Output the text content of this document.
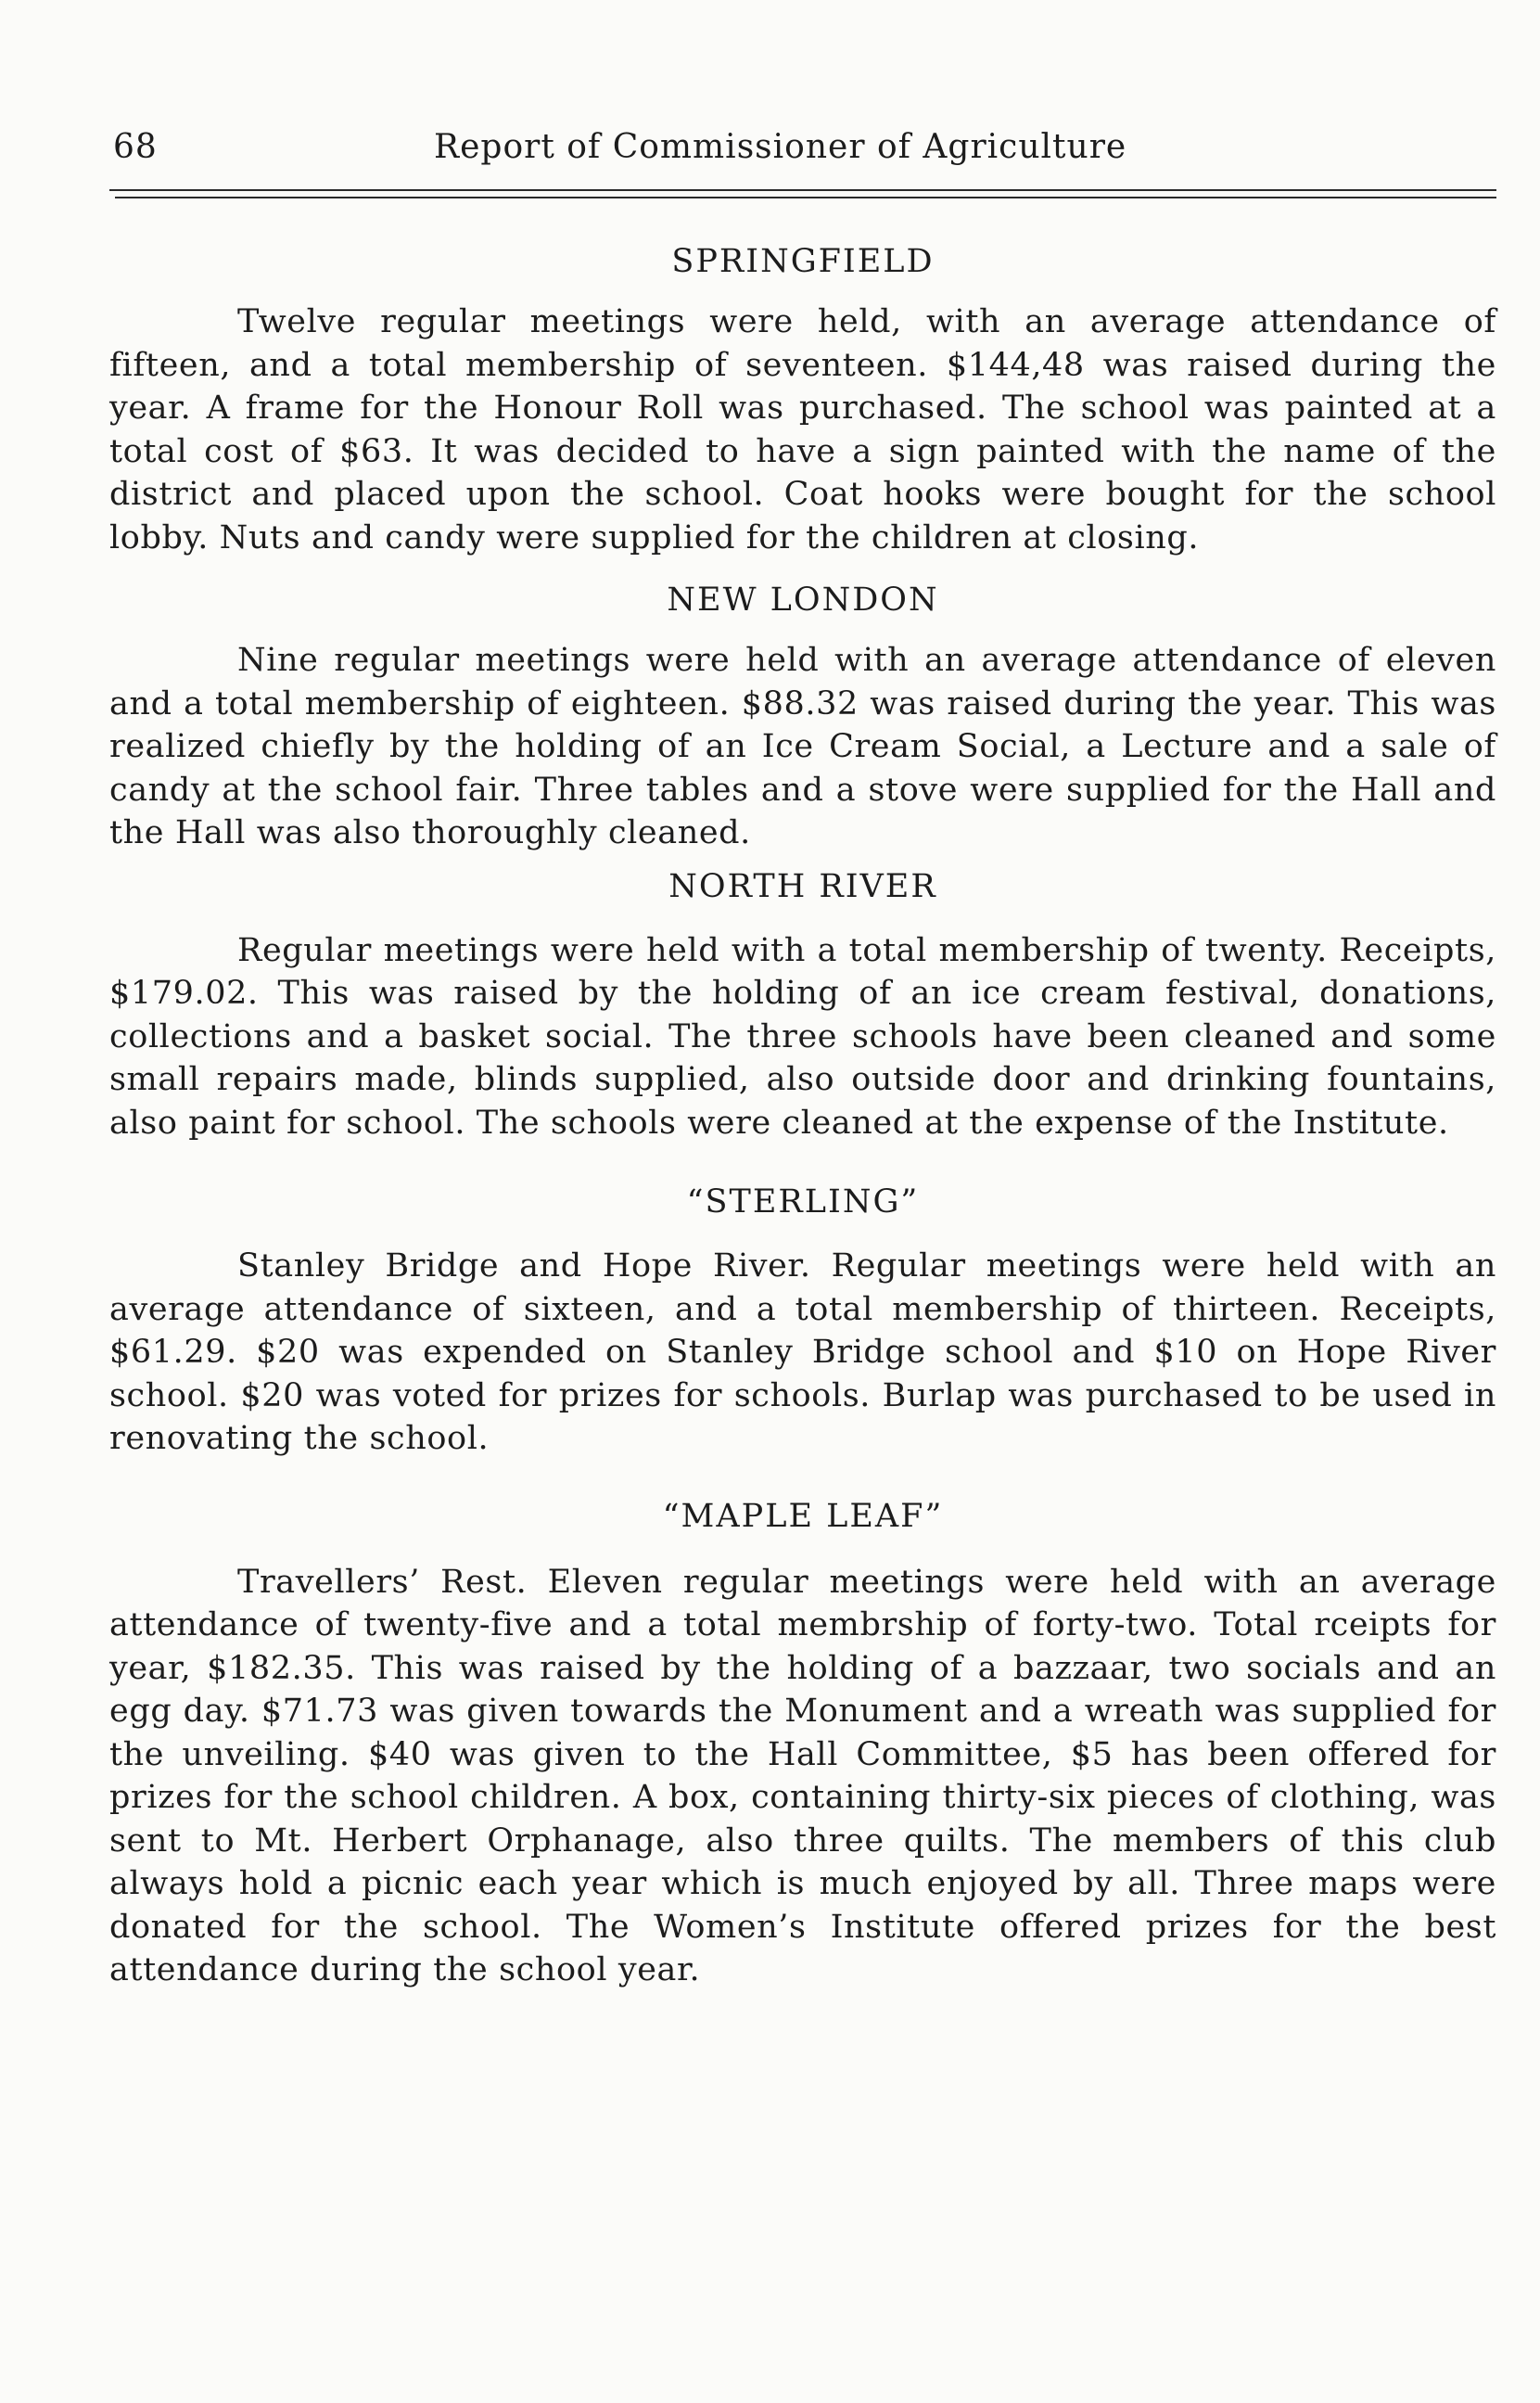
68	Report of Commissioner of Agriculture
SPRINGFIELD

Twelve regular meetings were held, with an average attendance of fifteen, and a total membership of seventeen. $144,48 was raised during the year. A frame for the Honour Roll was purchased. The school was painted at a total cost of $63. It was decided to have a sign painted with the name of the district and placed upon the school. Coat hooks were bought for the school lobby. Nuts and candy were supplied for the children at closing.

NEW LONDON

Nine regular meetings were held with an average attendance of eleven and a total membership of eighteen. $88.32 was raised during the year. This was realized chiefly by the holding of an Ice Cream Social, a Lecture and a sale of candy at the school fair. Three tables and a stove were supplied for the Hall and the Hall was also thoroughly cleaned.

NORTH RIVER

Regular meetings were held with a total membership of twenty. Receipts, $179.02. This was raised by the holding of an ice cream festival, donations, collections and a basket social. The three schools have been cleaned and some small repairs made, blinds supplied, also outside door and drinking fountains, also paint for school. The schools were cleaned at the expense of the Institute.

“STERLING”

Stanley Bridge and Hope River. Regular meetings were held with an average attendance of sixteen, and a total membership of thirteen. Receipts, $61.29. $20 was expended on Stanley Bridge school and $10 on Hope River school. $20 was voted for prizes for schools. Burlap was purchased to be used in renovating the school.

“MAPLE LEAF”

Travellers’ Rest. Eleven regular meetings were held with an average attendance of twenty-five and a total membrship of forty-two. Total rceipts for year, $182.35. This was raised by the holding of a bazzaar, two socials and an egg day. $71.73 was given towards the Monument and a wreath was supplied for the unveiling. $40 was given to the Hall Committee, $5 has been offered for prizes for the school children. A box, containing thirty-six pieces of clothing, was sent to Mt. Herbert Orphanage, also three quilts. The members of this club always hold a picnic each year which is much enjoyed by all. Three maps were donated for the school. The Women’s Institute offered prizes for the best attendance during the school year.
